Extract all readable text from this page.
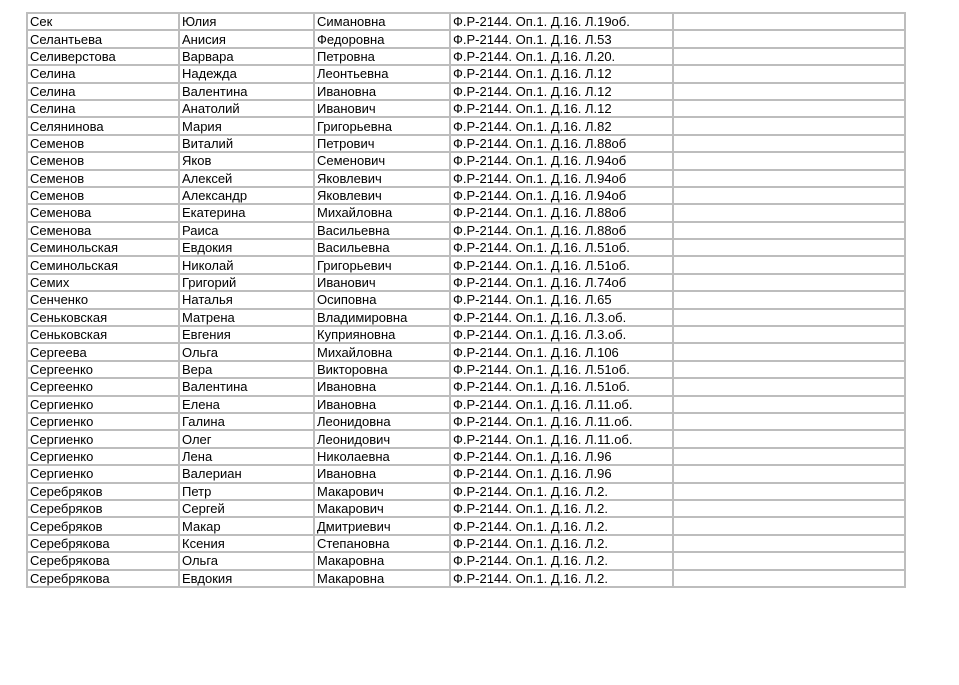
Сек	Юлия	Симановна	Ф.Р-2144. Оп.1. Д.16. Л.19об.	
Селантьева	Анисия	Федоровна	Ф.Р-2144. Оп.1. Д.16. Л.53	
Селиверстова	Варвара	Петровна	Ф.Р-2144. Оп.1. Д.16. Л.20.	
Селина	Надежда	Леонтьевна	Ф.Р-2144. Оп.1. Д.16. Л.12	
Селина	Валентина	Ивановна	Ф.Р-2144. Оп.1. Д.16. Л.12	
Селина	Анатолий	Иванович	Ф.Р-2144. Оп.1. Д.16. Л.12	
Селянинова	Мария	Григорьевна	Ф.Р-2144. Оп.1. Д.16. Л.82	
Семенов	Виталий	Петрович	Ф.Р-2144. Оп.1. Д.16. Л.88об	
Семенов	Яков	Семенович	Ф.Р-2144. Оп.1. Д.16. Л.94об	
Семенов	Алексей	Яковлевич	Ф.Р-2144. Оп.1. Д.16. Л.94об	
Семенов	Александр	Яковлевич	Ф.Р-2144. Оп.1. Д.16. Л.94об	
Семенова	Екатерина	Михайловна	Ф.Р-2144. Оп.1. Д.16. Л.88об	
Семенова	Раиса	Васильевна	Ф.Р-2144. Оп.1. Д.16. Л.88об	
Семинольская	Евдокия	Васильевна	Ф.Р-2144. Оп.1. Д.16. Л.51об.	
Семинольская	Николай	Григорьевич	Ф.Р-2144. Оп.1. Д.16. Л.51об.	
Семих	Григорий	Иванович	Ф.Р-2144. Оп.1. Д.16. Л.74об	
Сенченко	Наталья	Осиповна	Ф.Р-2144. Оп.1. Д.16. Л.65	
Сеньковская	Матрена	Владимировна	Ф.Р-2144. Оп.1. Д.16. Л.3.об.	
Сеньковская	Евгения	Куприяновна	Ф.Р-2144. Оп.1. Д.16. Л.3.об.	
Сергеева	Ольга	Михайловна	Ф.Р-2144. Оп.1. Д.16. Л.106	
Сергеенко	Вера	Викторовна	Ф.Р-2144. Оп.1. Д.16. Л.51об.	
Сергеенко	Валентина	Ивановна	Ф.Р-2144. Оп.1. Д.16. Л.51об.	
Сергиенко	Елена	Ивановна	Ф.Р-2144. Оп.1. Д.16. Л.11.об.	
Сергиенко	Галина	Леонидовна	Ф.Р-2144. Оп.1. Д.16. Л.11.об.	
Сергиенко	Олег	Леонидович	Ф.Р-2144. Оп.1. Д.16. Л.11.об.	
Сергиенко	Лена	Николаевна	Ф.Р-2144. Оп.1. Д.16. Л.96	
Сергиенко	Валериан	Ивановна	Ф.Р-2144. Оп.1. Д.16. Л.96	
Серебряков	Петр	Макарович	Ф.Р-2144. Оп.1. Д.16. Л.2.	
Серебряков	Сергей	Макарович	Ф.Р-2144. Оп.1. Д.16. Л.2.	
Серебряков	Макар	Дмитриевич	Ф.Р-2144. Оп.1. Д.16. Л.2.	
Серебрякова	Ксения	Степановна	Ф.Р-2144. Оп.1. Д.16. Л.2.	
Серебрякова	Ольга	Макаровна	Ф.Р-2144. Оп.1. Д.16. Л.2.	
Серебрякова	Евдокия	Макаровна	Ф.Р-2144. Оп.1. Д.16. Л.2.	
